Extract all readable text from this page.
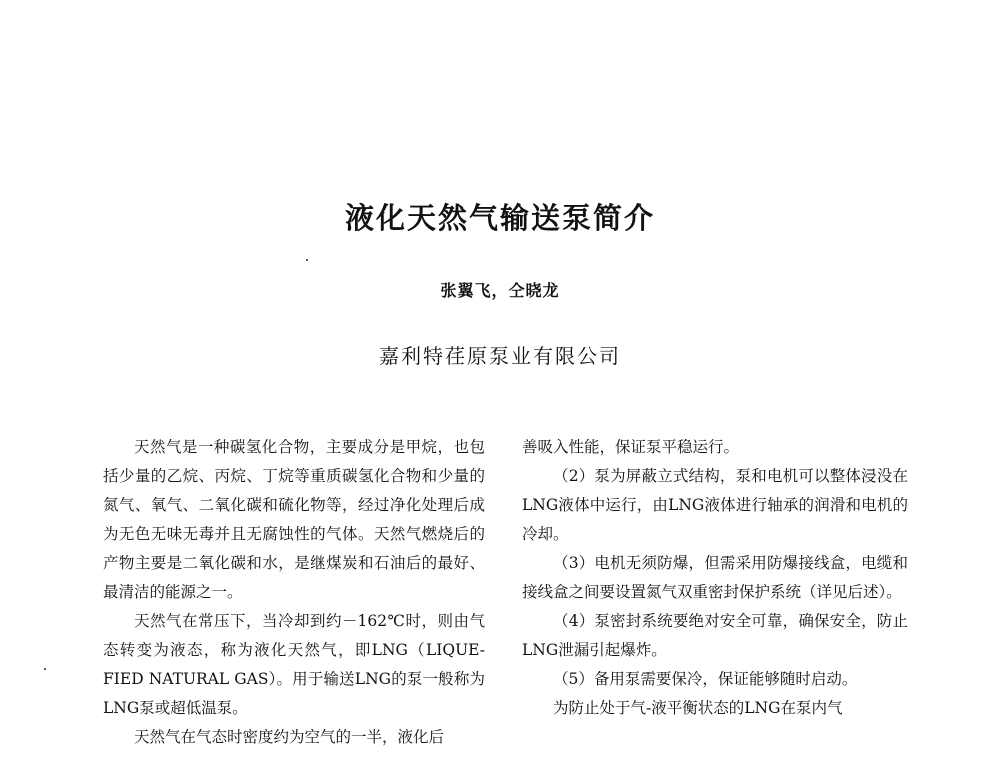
液化天然气输送泵简介
张翼飞，仝晓龙
嘉利特荏原泵业有限公司

天然气是一种碳氢化合物，主要成分是甲烷，也包括少量的乙烷、丙烷、丁烷等重质碳氢化合物和少量的氮气、氧气、二氧化碳和硫化物等，经过净化处理后成为无色无味无毒并且无腐蚀性的气体。天然气燃烧后的产物主要是二氧化碳和水，是继煤炭和石油后的最好、最清洁的能源之一。

天然气在常压下，当冷却到约－162℃时，则由气态转变为液态，称为液化天然气，即LNG（LIQUE-FIED NATURAL GAS）。用于输送LNG的泵一般称为LNG泵或超低温泵。

天然气在气态时密度约为空气的一半，液化后

善吸入性能，保证泵平稳运行。

（2）泵为屏蔽立式结构，泵和电机可以整体浸没在LNG液体中运行，由LNG液体进行轴承的润滑和电机的冷却。

（3）电机无须防爆，但需采用防爆接线盒，电缆和接线盒之间要设置氮气双重密封保护系统（详见后述）。

（4）泵密封系统要绝对安全可靠，确保安全，防止LNG泄漏引起爆炸。

（5）备用泵需要保冷，保证能够随时启动。

为防止处于气-液平衡状态的LNG在泵内气
